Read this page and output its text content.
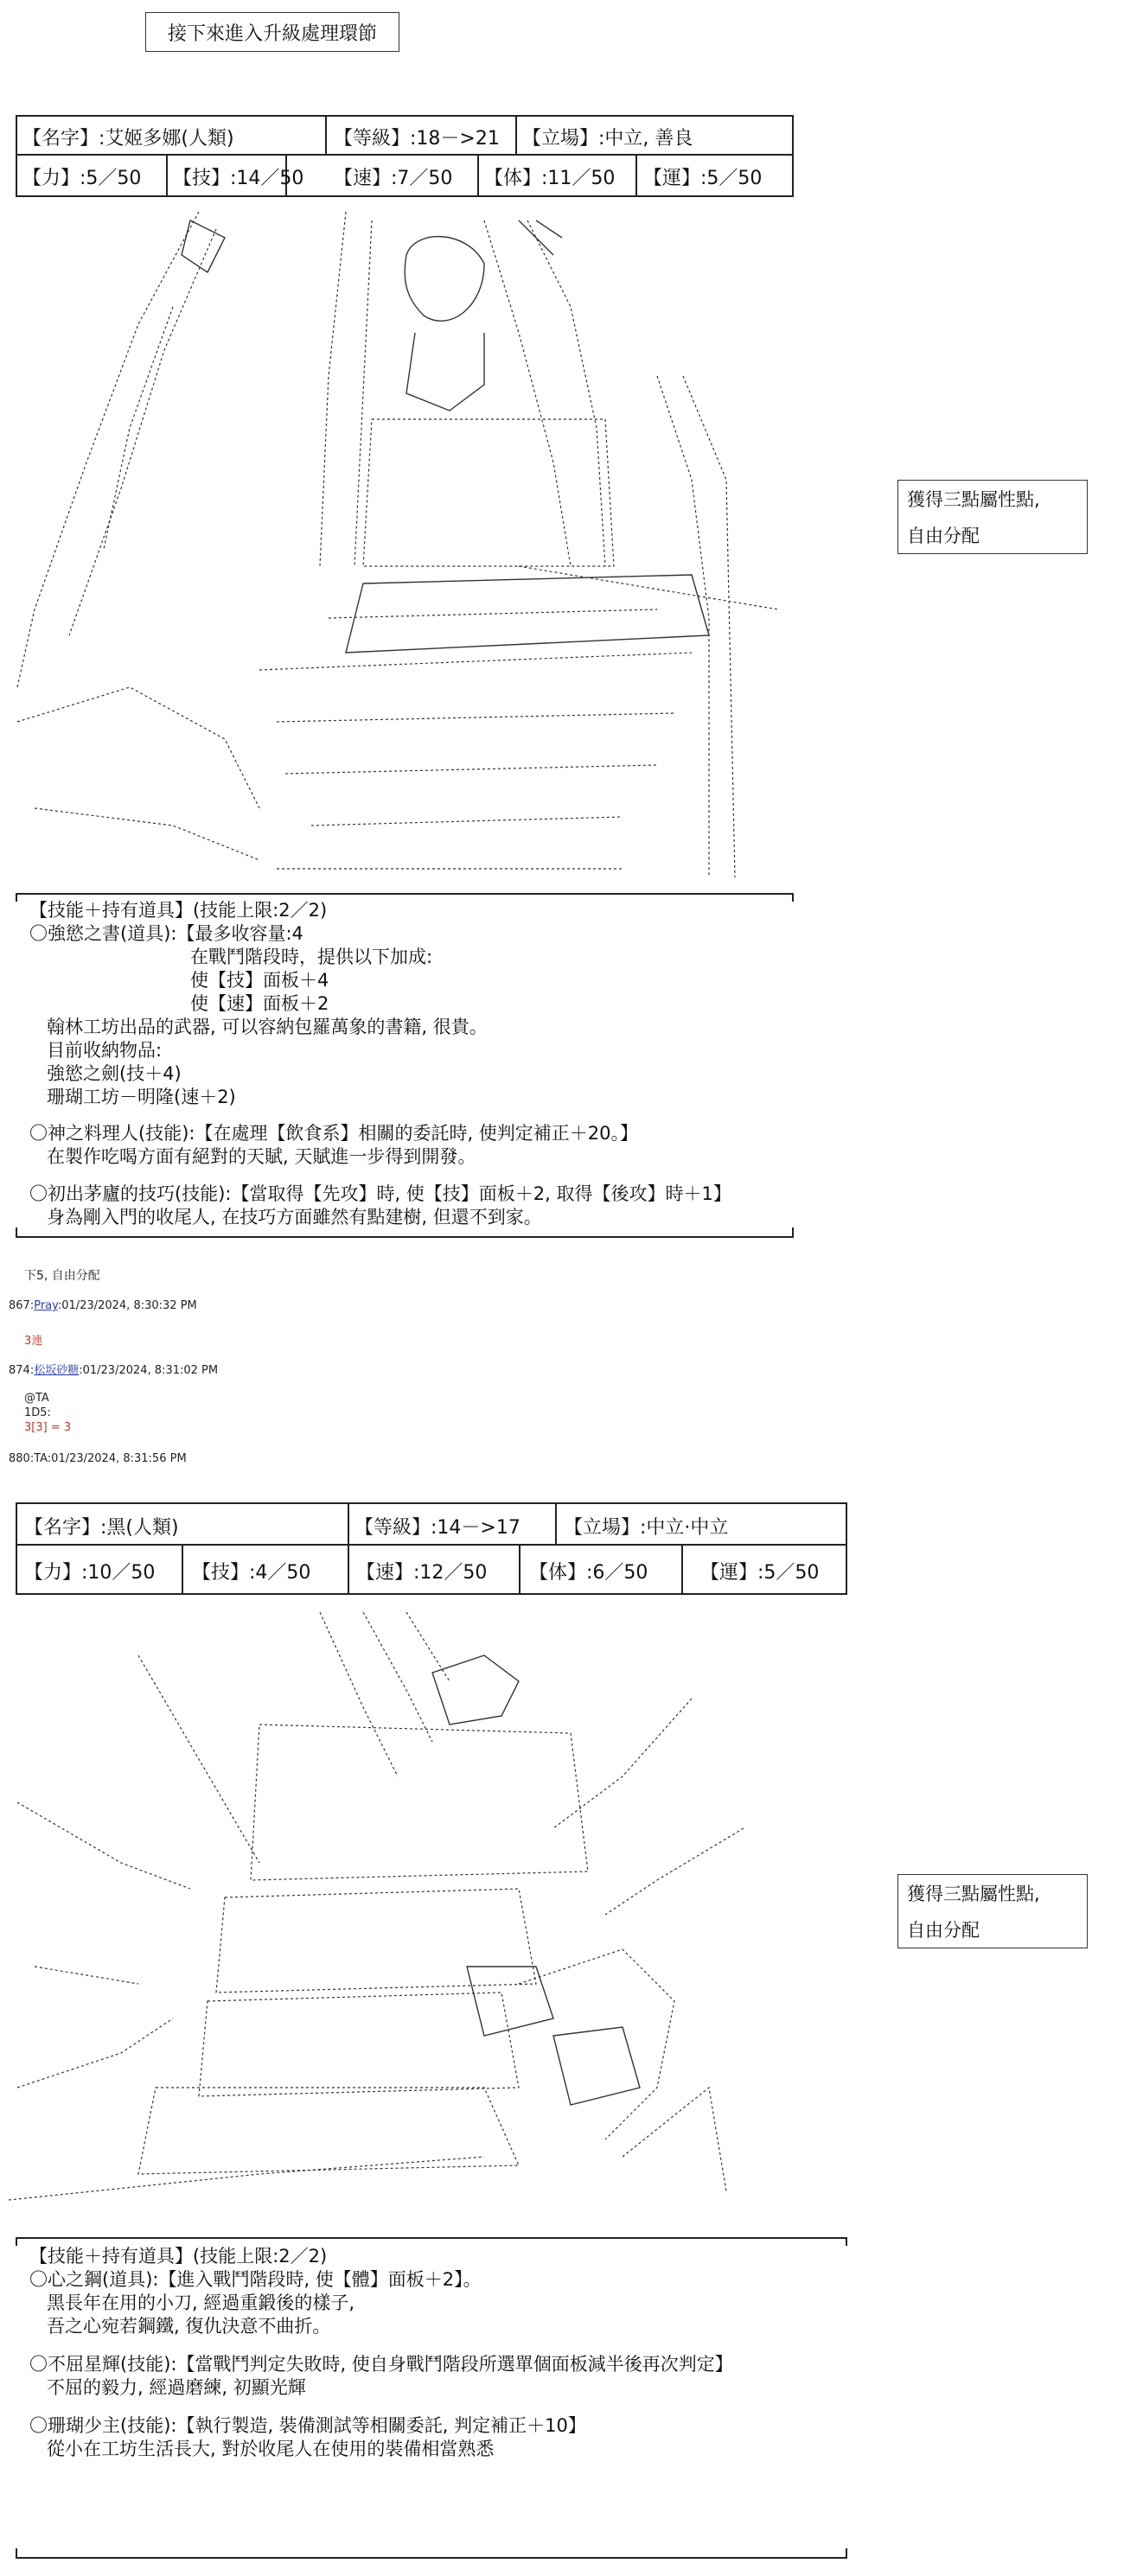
接下來進入升級處理環節
【名字】:艾姬多娜(人類)	【等級】:18－>21 【立場】:中立, 善良
【力】:5／50 【技】:14／50 【速】:7／50 【体】:11／50 【運】:5／50
獲得三點屬性點,
自由分配
【技能＋持有道具】(技能上限:2／2)
〇強慾之書(道具):【最多收容量:4
在戰鬥階段時，提供以下加成:
使【技】面板＋4
使【速】面板＋2
翰林工坊出品的武器, 可以容納包羅萬象的書籍, 很貴。
目前收納物品:
強慾之劍(技＋4)
珊瑚工坊－明隆(速＋2)
〇神之料理人(技能):【在處理【飲食系】相關的委託時, 使判定補正＋20。】
在製作吃喝方面有絕對的天賦, 天賦進一步得到開發。
〇初出茅廬的技巧(技能):【當取得【先攻】時, 使【技】面板＋2, 取得【後攻】時＋1】
身為剛入門的收尾人, 在技巧方面雖然有點建樹, 但還不到家。
下5, 自由分配
867:Pray:01/23/2024, 8:30:32 PM
3連
874:松坂砂糖:01/23/2024, 8:31:02 PM
@TA
1D5:
3[3] = 3
880:TA:01/23/2024, 8:31:56 PM
【名字】:黑(人類)	【等級】:14－>17 【立場】:中立·中立
【力】:10／50 【技】:4／50 【速】:12／50 【体】:6／50	【運】:5／50
獲得三點屬性點,
自由分配
【技能＋持有道具】(技能上限:2／2)
〇心之鋼(道具):【進入戰鬥階段時, 使【體】面板＋2】。
黑長年在用的小刀, 經過重鍛後的樣子,
吾之心宛若鋼鐵, 復仇決意不曲折。
〇不屈星輝(技能):【當戰鬥判定失敗時, 使自身戰鬥階段所選單個面板減半後再次判定】
不屈的毅力, 經過磨練, 初顯光輝
〇珊瑚少主(技能):【執行製造, 裝備測試等相關委託, 判定補正＋10】
從小在工坊生活長大, 對於收尾人在使用的裝備相當熟悉
